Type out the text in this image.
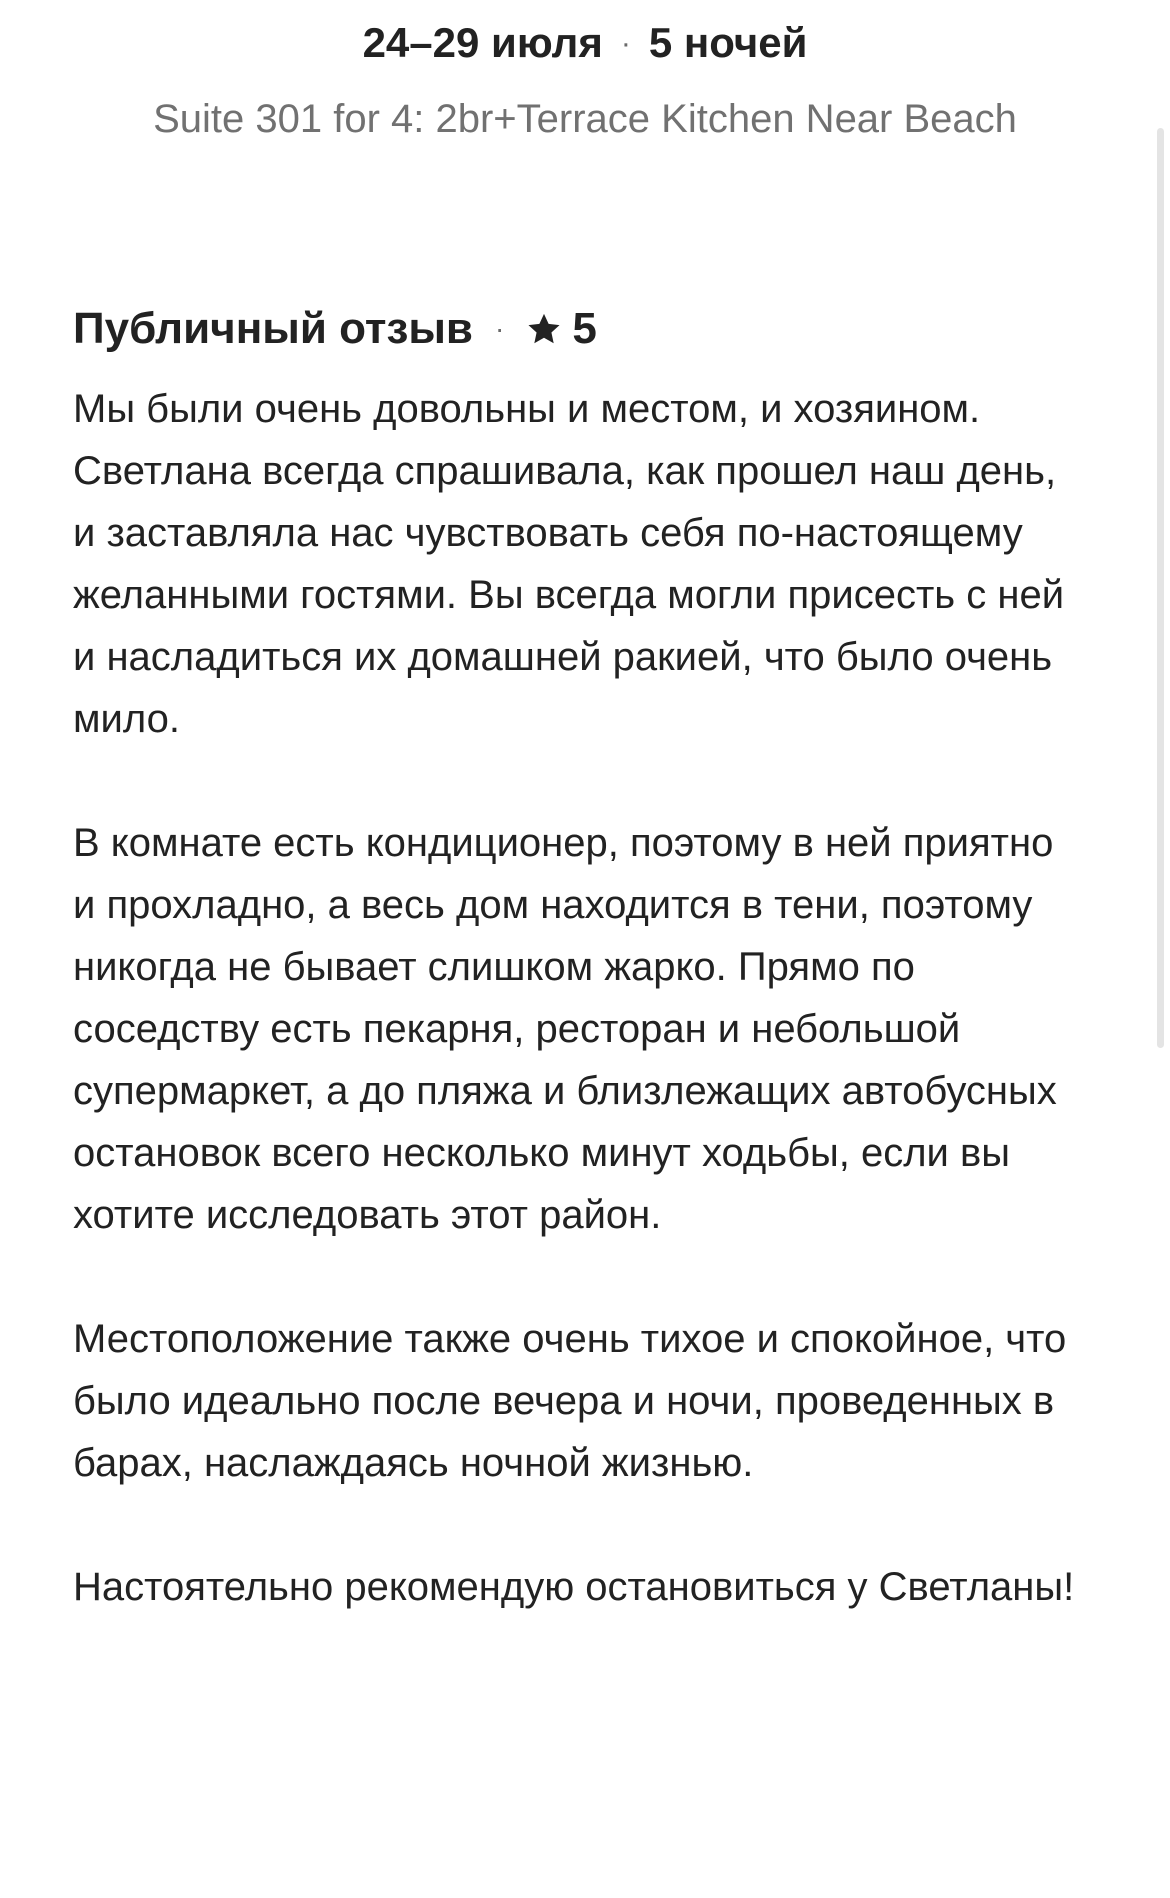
24–29 июля · 5 ночей
Suite 301 for 4: 2br+Terrace Kitchen Near Beach
Публичный отзыв · 5

Мы были очень довольны и местом, и хозяином. Светлана всегда спрашивала, как прошел наш день, и заставляла нас чувствовать себя по-настоящему желанными гостями. Вы всегда могли присесть с ней и насладиться их домашней ракией, что было очень мило.

В комнате есть кондиционер, поэтому в ней приятно и прохладно, а весь дом находится в тени, поэтому никогда не бывает слишком жарко. Прямо по соседству есть пекарня, ресторан и небольшой супермаркет, а до пляжа и близлежащих автобусных остановок всего несколько минут ходьбы, если вы хотите исследовать этот район.

Местоположение также очень тихое и спокойное, что было идеально после вечера и ночи, проведенных в барах, наслаждаясь ночной жизнью.

Настоятельно рекомендую остановиться у Светланы!
